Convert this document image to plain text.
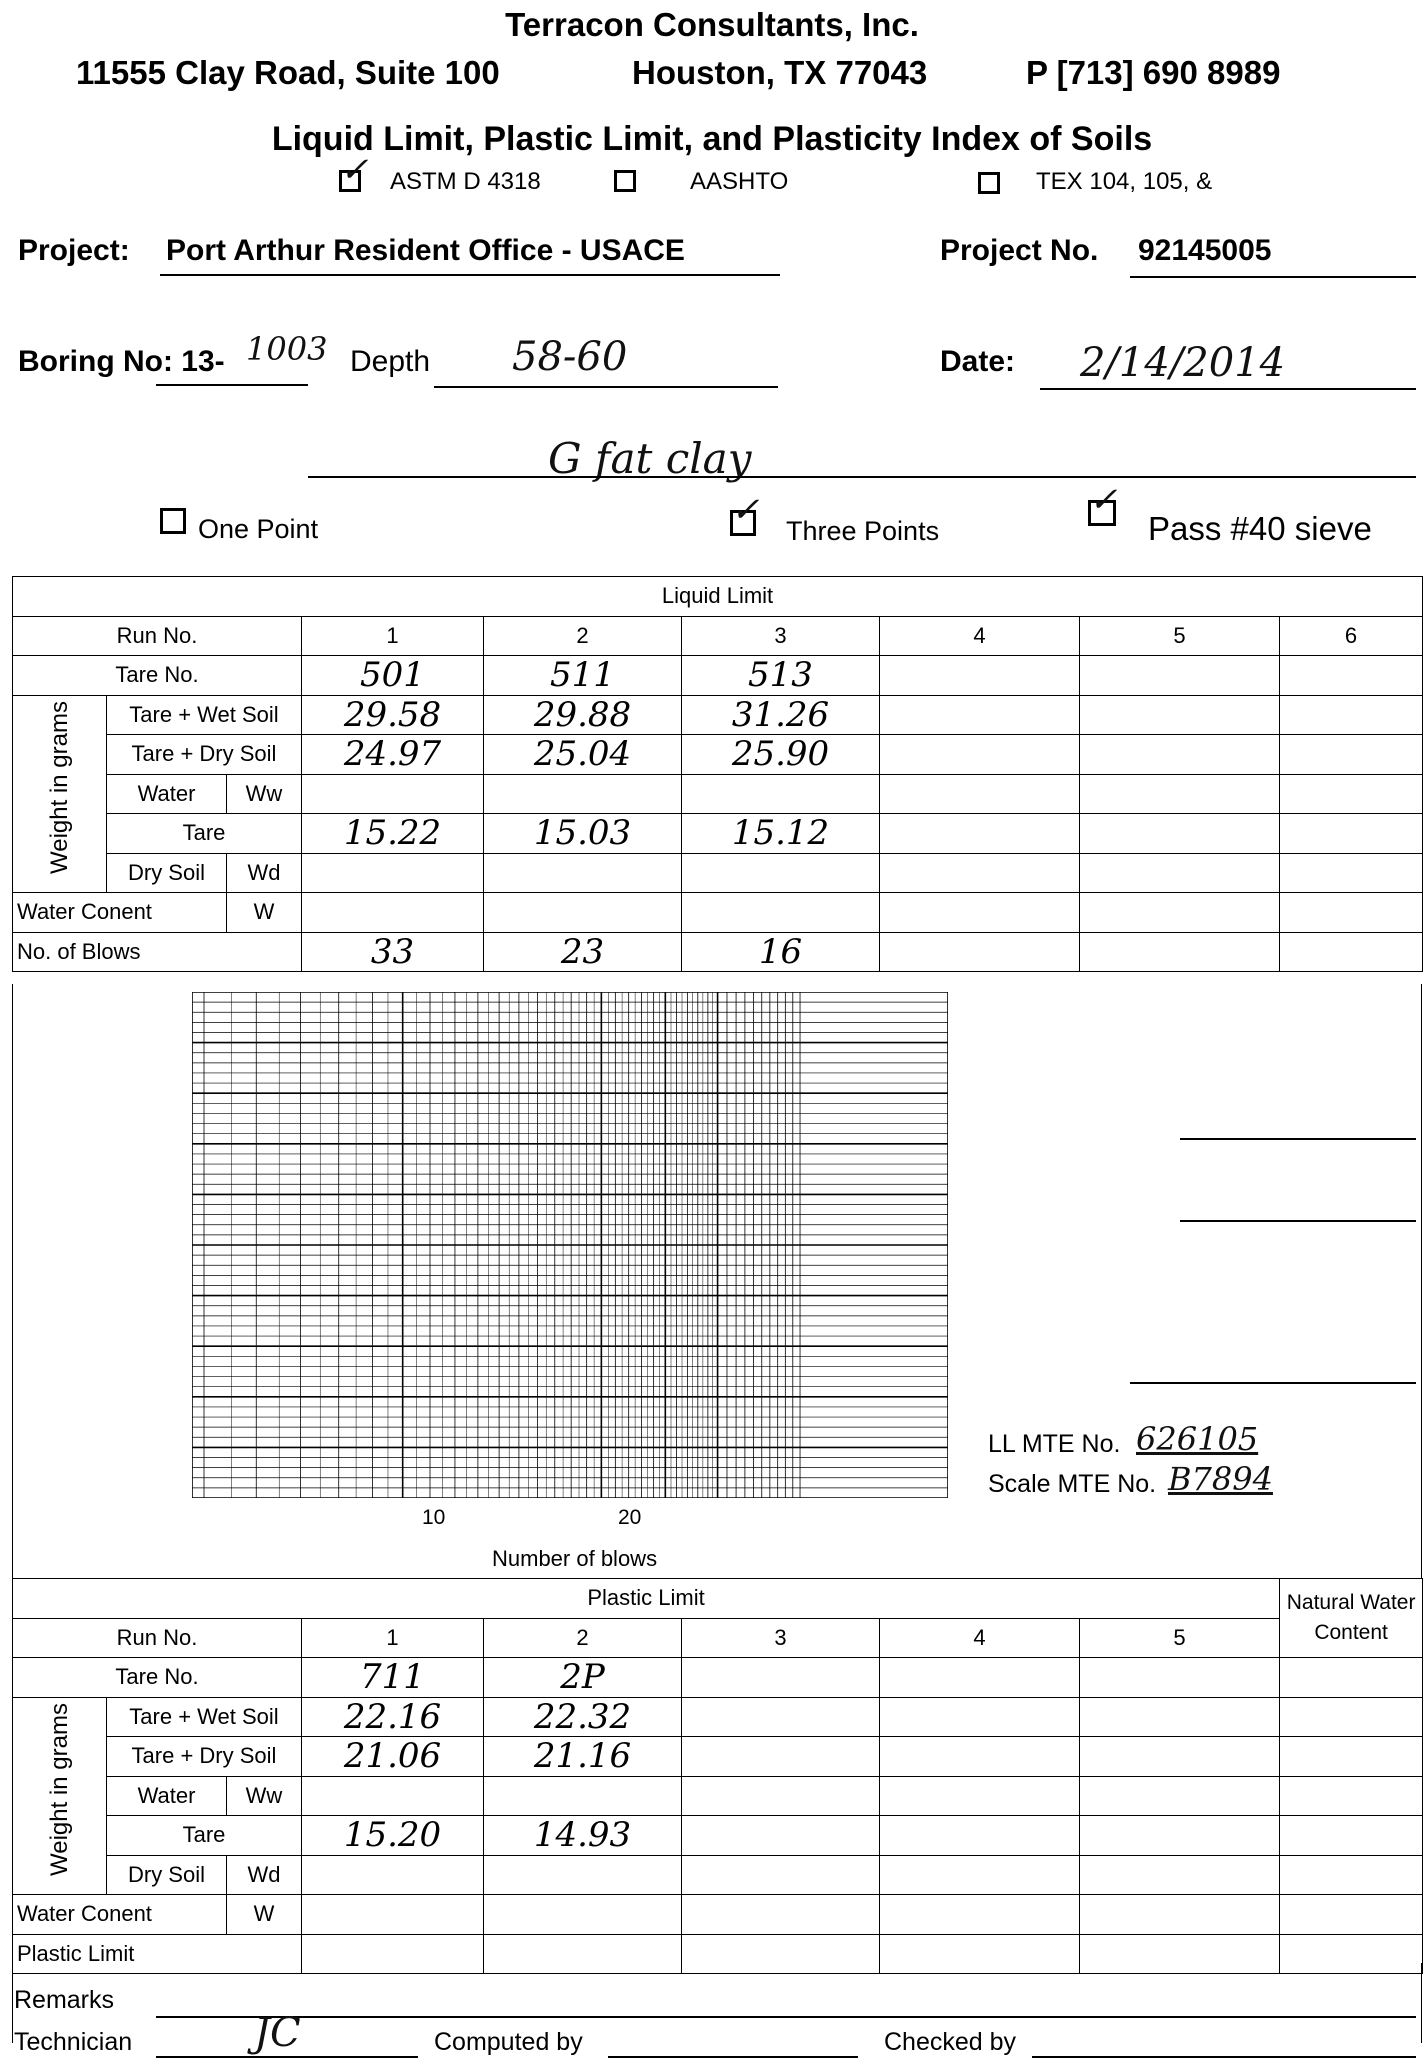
Terracon Consultants, Inc.
11555 Clay Road, Suite 100	Houston, TX 77043	P [713] 690 8989
Liquid Limit, Plastic Limit, and Plasticity Index of Soils
✓ ASTM D 4318	AASHTO	TEX 104, 105, &
Project: Port Arthur Resident Office - USACE	Project No. 92145005
Boring No: 13- 1003 Depth 58-60	Date: 2/14/2014
G fat clay
One Point	✓
Three Points
✓
Pass #40 sieve
Liquid Limit								
Run No.			1	2	3	4	5	6
Tare No.			501	511	513			

Weight in grams	Tare + Wet Soil		29.58	29.88	31.26			
	Tare + Dry Soil		24.97	25.04	25.90			
	Water	Ww						
	Tare		15.22	15.03	15.12			
	Dry Soil	Wd						
Water Conent		W						
No. of Blows			33	23	16			
10	20
Number of blows
LL MTE No. 626105
Scale MTE No. B7894
Plastic Limit								Natural Water Content
Run No.			1	2	3	4	5	
Tare No.			711	2P				

Weight in grams	Tare + Wet Soil		22.16	22.32				
	Tare + Dry Soil		21.06	21.16				
	Water	Ww						
	Tare		15.20	14.93				
	Dry Soil	Wd						
Water Conent		W						
Plastic Limit								
Remarks
Technician	JC	Computed by	Checked by
